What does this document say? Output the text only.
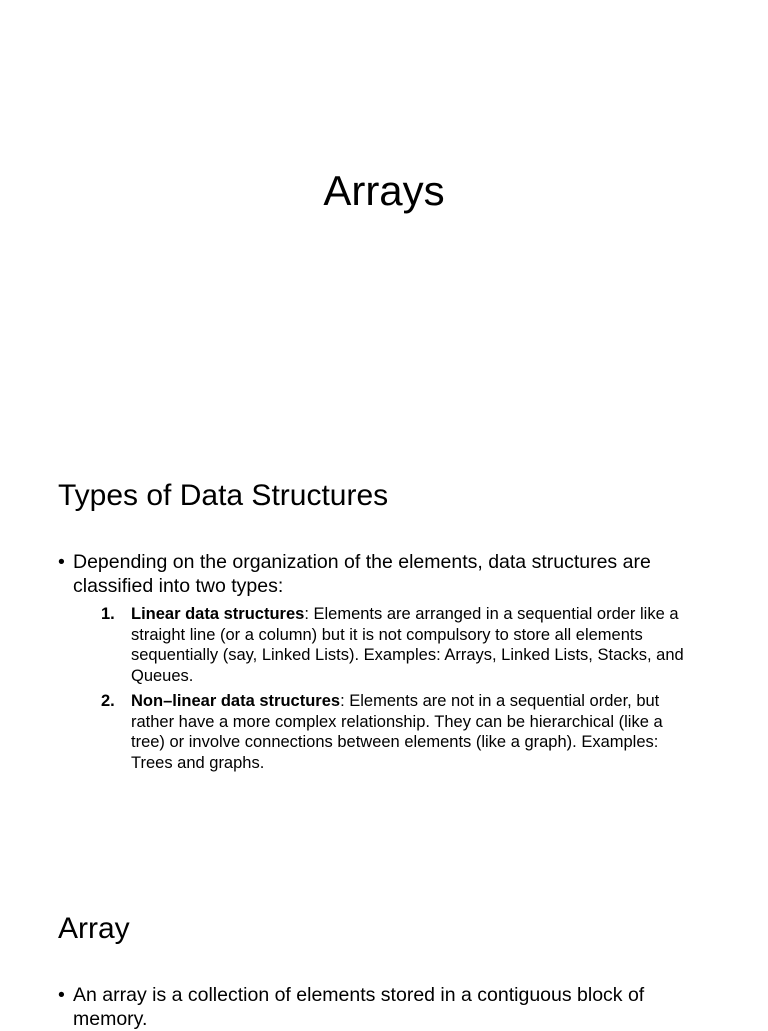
Arrays
Types of Data Structures
• Depending on the organization of the elements, data structures are classified into two types:
1. Linear data structures: Elements are arranged in a sequential order like a straight line (or a column) but it is not compulsory to store all elements sequentially (say, Linked Lists). Examples: Arrays, Linked Lists, Stacks, and Queues.
2. Non–linear data structures: Elements are not in a sequential order, but rather have a more complex relationship. They can be hierarchical (like a tree) or involve connections between elements (like a graph). Examples: Trees and graphs.
Array
• An array is a collection of elements stored in a contiguous block of memory.
